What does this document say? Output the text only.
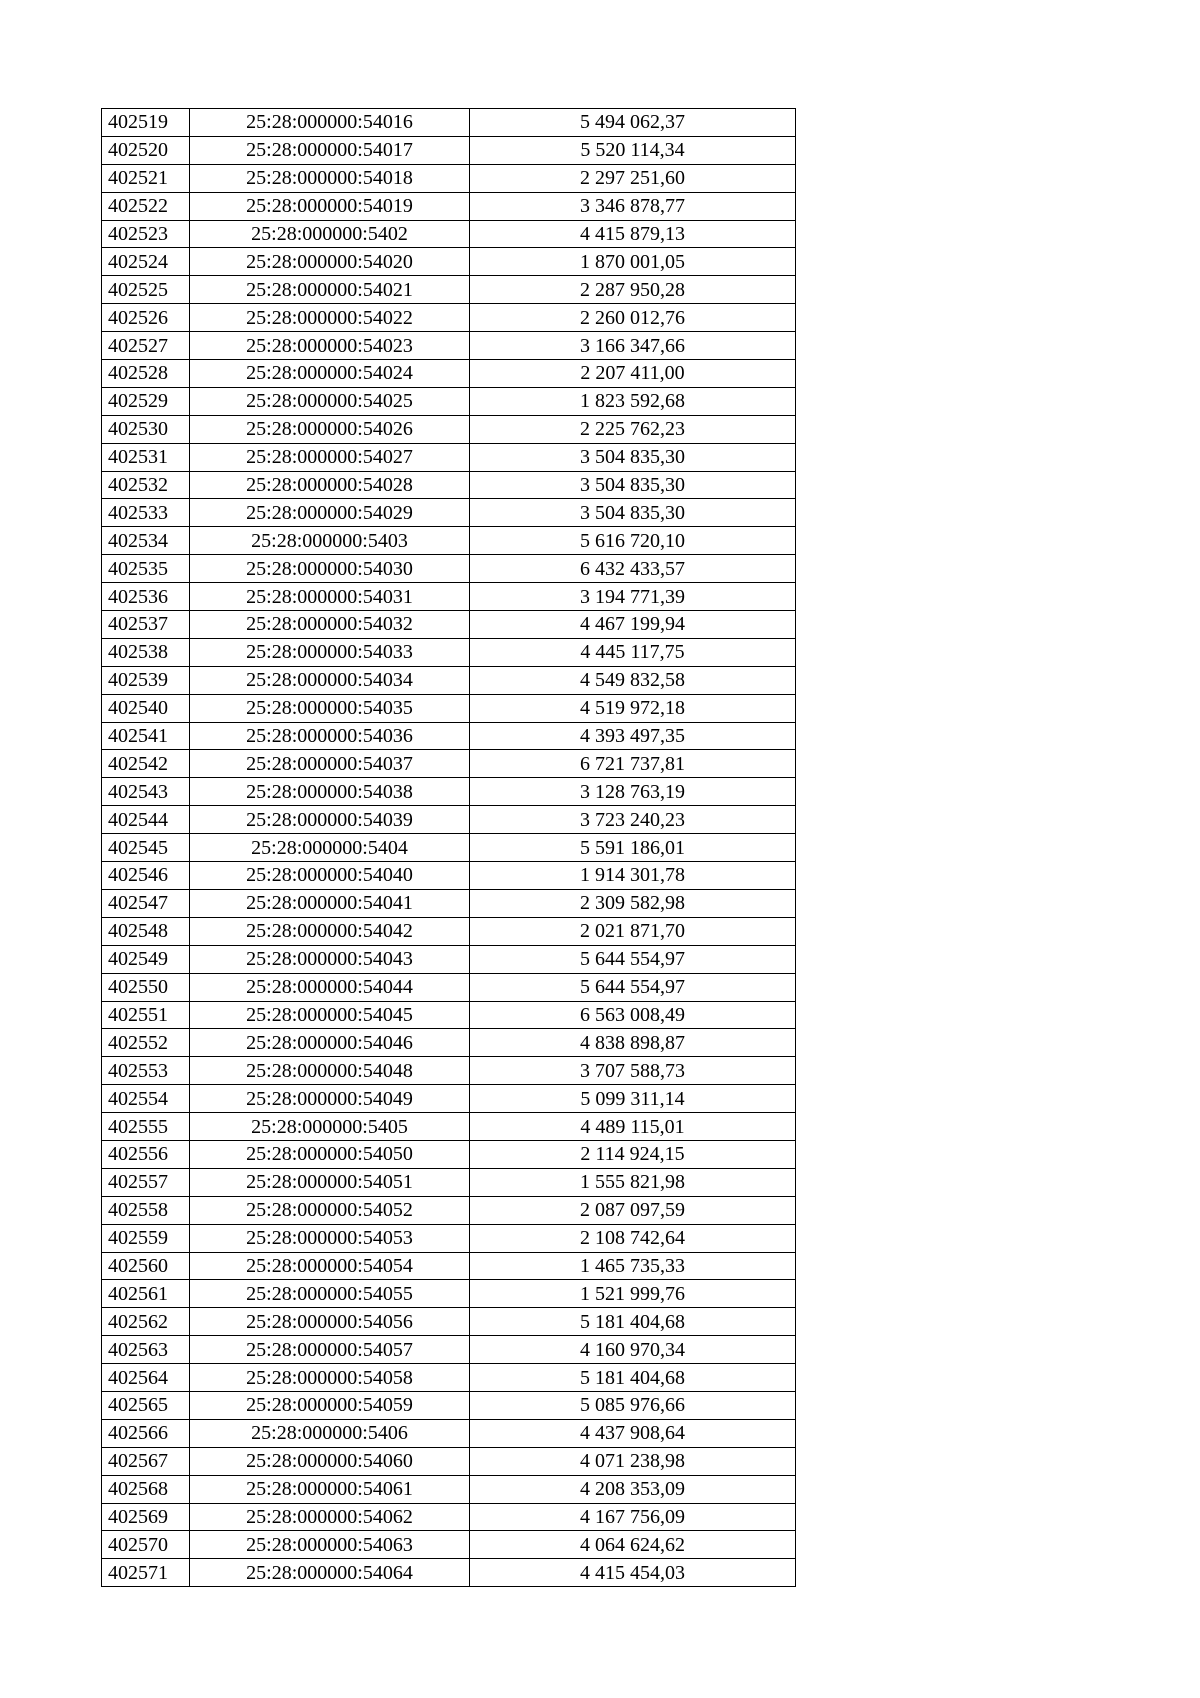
402519	25:28:000000:54016	5 494 062,37
402520	25:28:000000:54017	5 520 114,34
402521	25:28:000000:54018	2 297 251,60
402522	25:28:000000:54019	3 346 878,77
402523	25:28:000000:5402	4 415 879,13
402524	25:28:000000:54020	1 870 001,05
402525	25:28:000000:54021	2 287 950,28
402526	25:28:000000:54022	2 260 012,76
402527	25:28:000000:54023	3 166 347,66
402528	25:28:000000:54024	2 207 411,00
402529	25:28:000000:54025	1 823 592,68
402530	25:28:000000:54026	2 225 762,23
402531	25:28:000000:54027	3 504 835,30
402532	25:28:000000:54028	3 504 835,30
402533	25:28:000000:54029	3 504 835,30
402534	25:28:000000:5403	5 616 720,10
402535	25:28:000000:54030	6 432 433,57
402536	25:28:000000:54031	3 194 771,39
402537	25:28:000000:54032	4 467 199,94
402538	25:28:000000:54033	4 445 117,75
402539	25:28:000000:54034	4 549 832,58
402540	25:28:000000:54035	4 519 972,18
402541	25:28:000000:54036	4 393 497,35
402542	25:28:000000:54037	6 721 737,81
402543	25:28:000000:54038	3 128 763,19
402544	25:28:000000:54039	3 723 240,23
402545	25:28:000000:5404	5 591 186,01
402546	25:28:000000:54040	1 914 301,78
402547	25:28:000000:54041	2 309 582,98
402548	25:28:000000:54042	2 021 871,70
402549	25:28:000000:54043	5 644 554,97
402550	25:28:000000:54044	5 644 554,97
402551	25:28:000000:54045	6 563 008,49
402552	25:28:000000:54046	4 838 898,87
402553	25:28:000000:54048	3 707 588,73
402554	25:28:000000:54049	5 099 311,14
402555	25:28:000000:5405	4 489 115,01
402556	25:28:000000:54050	2 114 924,15
402557	25:28:000000:54051	1 555 821,98
402558	25:28:000000:54052	2 087 097,59
402559	25:28:000000:54053	2 108 742,64
402560	25:28:000000:54054	1 465 735,33
402561	25:28:000000:54055	1 521 999,76
402562	25:28:000000:54056	5 181 404,68
402563	25:28:000000:54057	4 160 970,34
402564	25:28:000000:54058	5 181 404,68
402565	25:28:000000:54059	5 085 976,66
402566	25:28:000000:5406	4 437 908,64
402567	25:28:000000:54060	4 071 238,98
402568	25:28:000000:54061	4 208 353,09
402569	25:28:000000:54062	4 167 756,09
402570	25:28:000000:54063	4 064 624,62
402571	25:28:000000:54064	4 415 454,03
